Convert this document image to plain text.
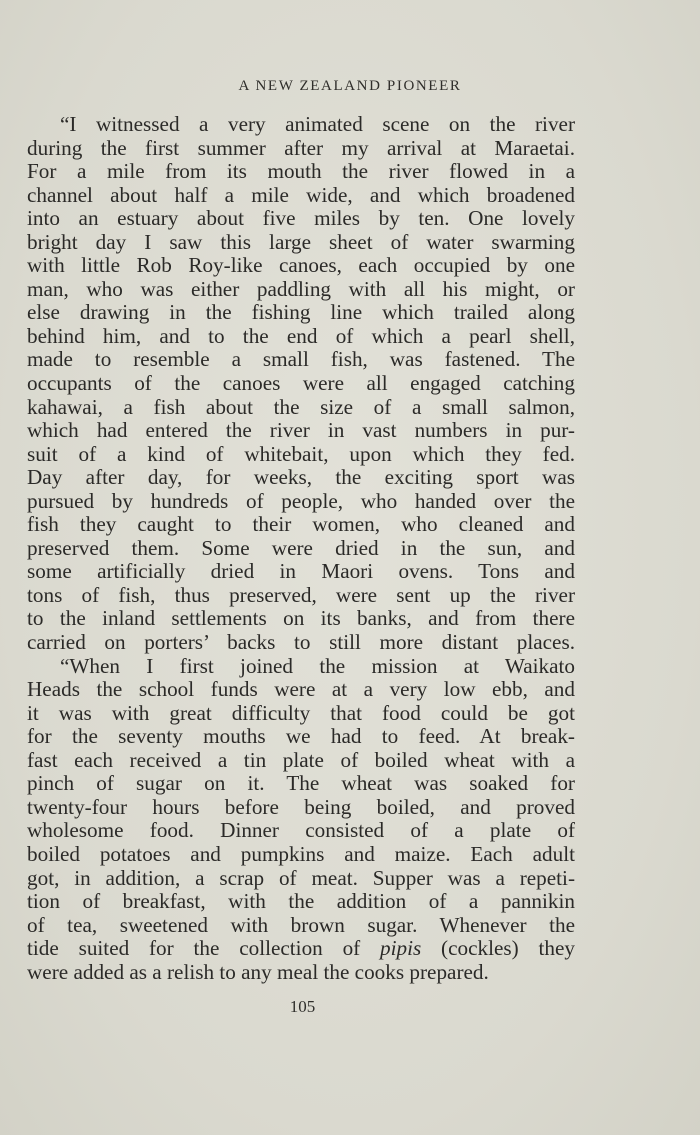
A NEW ZEALAND PIONEER
“I witnessed a very animated scene on the river
during the first summer after my arrival at Maraetai.
For a mile from its mouth the river flowed in a
channel about half a mile wide, and which broadened
into an estuary about five miles by ten. One lovely
bright day I saw this large sheet of water swarming
with little Rob Roy-like canoes, each occupied by one
man, who was either paddling with all his might, or
else drawing in the fishing line which trailed along
behind him, and to the end of which a pearl shell,
made to resemble a small fish, was fastened. The
occupants of the canoes were all engaged catching
kahawai, a fish about the size of a small salmon,
which had entered the river in vast numbers in pur-
suit of a kind of whitebait, upon which they fed.
Day after day, for weeks, the exciting sport was
pursued by hundreds of people, who handed over the
fish they caught to their women, who cleaned and
preserved them. Some were dried in the sun, and
some artificially dried in Maori ovens. Tons and
tons of fish, thus preserved, were sent up the river
to the inland settlements on its banks, and from there
carried on porters’ backs to still more distant places.
“When I first joined the mission at Waikato
Heads the school funds were at a very low ebb, and
it was with great difficulty that food could be got
for the seventy mouths we had to feed. At break-
fast each received a tin plate of boiled wheat with a
pinch of sugar on it. The wheat was soaked for
twenty-four hours before being boiled, and proved
wholesome food. Dinner consisted of a plate of
boiled potatoes and pumpkins and maize. Each adult
got, in addition, a scrap of meat. Supper was a repeti-
tion of breakfast, with the addition of a pannikin
of tea, sweetened with brown sugar. Whenever the
tide suited for the collection of pipis (cockles) they
were added as a relish to any meal the cooks prepared.
105
